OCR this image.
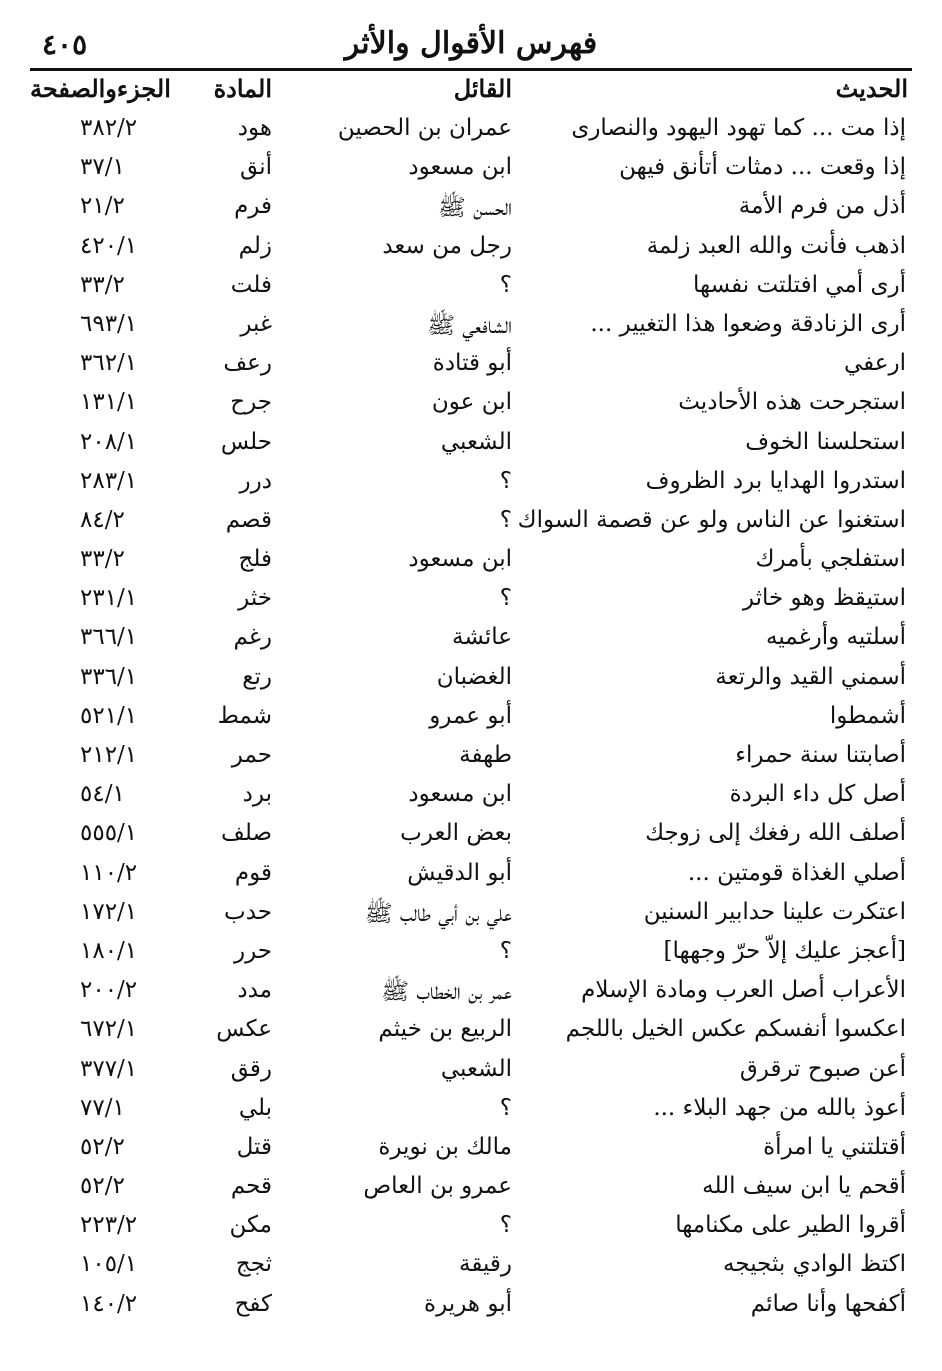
فهرس الأقوال والأثر
٤٠٥
الحديث
القائل
المادة
الجزءوالصفحة
إذا مت ... كما تهود اليهود والنصارى
عمران بن الحصين
هود
٣٨٢/٢
إذا وقعت ... دمثات أتأنق فيهن
ابن مسعود
أنق
٣٧/١
أذل من فرم الأمة
الحسن ﷺ
فرم
٢١/٢
اذهب فأنت والله العبد زلمة
رجل من سعد
زلم
٤٢٠/١
أرى أمي افتلتت نفسها
؟
فلت
٣٣/٢
أرى الزنادقة وضعوا هذا التغيير ...
الشافعي ﷺ
غبر
٦٩٣/١
ارعفي
أبو قتادة
رعف
٣٦٢/١
استجرحت هذه الأحاديث
ابن عون
جرح
١٣١/١
استحلسنا الخوف
الشعبي
حلس
٢٠٨/١
استدروا الهدايا برد الظروف
؟
درر
٢٨٣/١
استغنوا عن الناس ولو عن قصمة السواك
؟
قصم
٨٤/٢
استفلجي بأمرك
ابن مسعود
فلج
٣٣/٢
استيقظ وهو خاثر
؟
خثر
٢٣١/١
أسلتيه وأرغميه
عائشة
رغم
٣٦٦/١
أسمني القيد والرتعة
الغضبان
رتع
٣٣٦/١
أشمطوا
أبو عمرو
شمط
٥٢١/١
أصابتنا سنة حمراء
طهفة
حمر
٢١٢/١
أصل كل داء البردة
ابن مسعود
برد
٥٤/١
أصلف الله رفغك إلى زوجك
بعض العرب
صلف
٥٥٥/١
أصلي الغذاة قومتين ...
أبو الدقيش
قوم
١١٠/٢
اعتكرت علينا حدابير السنين
علي بن أبي طالب ﷺ
حدب
١٧٢/١
[أعجز عليك إلاّ حرّ وجهها]
؟
حرر
١٨٠/١
الأعراب أصل العرب ومادة الإسلام
عمر بن الخطاب ﷺ
مدد
٢٠٠/٢
اعكسوا أنفسكم عكس الخيل باللجم
الربيع بن خيثم
عكس
٦٧٢/١
أعن صبوح ترقرق
الشعبي
رقق
٣٧٧/١
أعوذ بالله من جهد البلاء ...
؟
بلي
٧٧/١
أقتلتني يا امرأة
مالك بن نويرة
قتل
٥٢/٢
أقحم يا ابن سيف الله
عمرو بن العاص
قحم
٥٢/٢
أقروا الطير على مكنامها
؟
مكن
٢٢٣/٢
اكتظ الوادي بثجيجه
رقيقة
ثجج
١٠٥/١
أكفحها وأنا صائم
أبو هريرة
كفح
١٤٠/٢
